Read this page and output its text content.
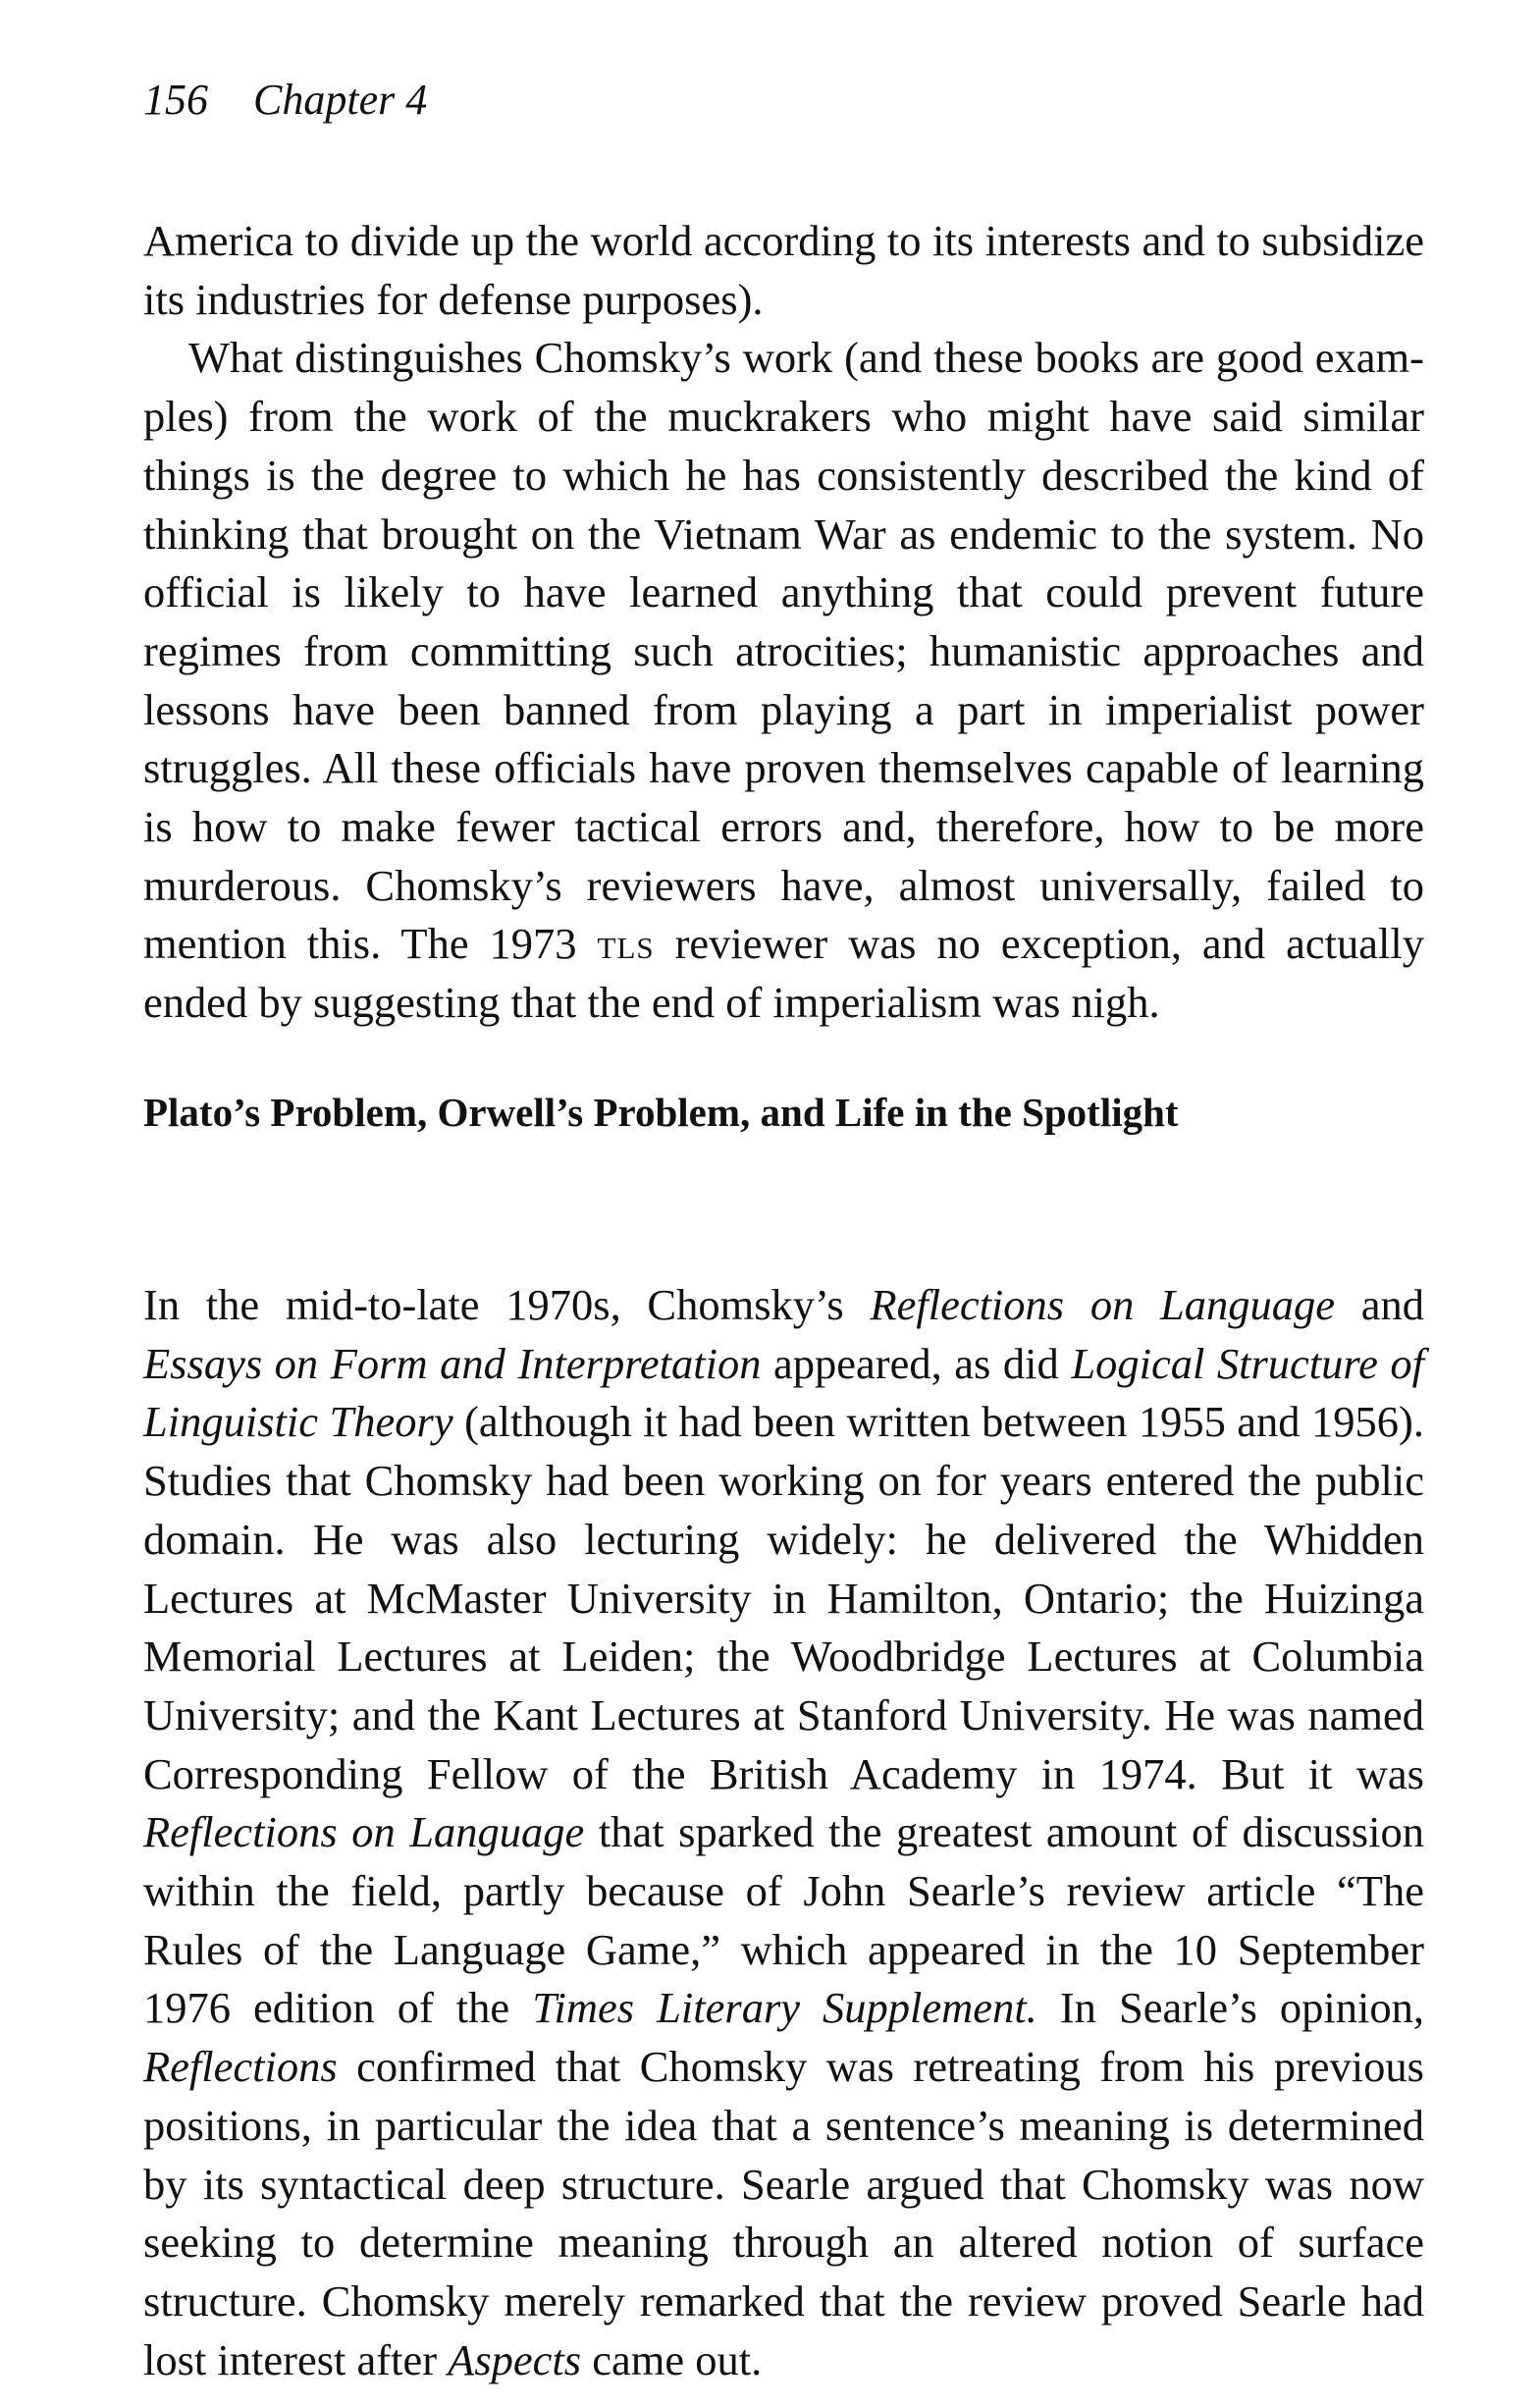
156 Chapter 4

America to divide up the world according to its interests and to subsidize its industries for defense purposes).

What distinguishes Chomsky’s work (and these books are good examples) from the work of the muckrakers who might have said similar things is the degree to which he has consistently described the kind of thinking that brought on the Vietnam War as endemic to the system. No official is likely to have learned anything that could prevent future regimes from committing such atrocities; humanistic approaches and lessons have been banned from playing a part in imperialist power struggles. All these officials have proven themselves capable of learning is how to make fewer tactical errors and, therefore, how to be more murderous. Chomsky’s reviewers have, almost universally, failed to mention this. The 1973 tls reviewer was no exception, and actually ended by suggesting that the end of imperialism was nigh.

Plato’s Problem, Orwell’s Problem, and Life in the Spotlight

In the mid-to-late 1970s, Chomsky’s Reflections on Language and Essays on Form and Interpretation appeared, as did Logical Structure of Linguistic Theory (although it had been written between 1955 and 1956). Studies that Chomsky had been working on for years entered the public domain. He was also lecturing widely: he delivered the Whidden Lectures at McMaster University in Hamilton, Ontario; the Huizinga Memorial Lectures at Leiden; the Woodbridge Lectures at Columbia University; and the Kant Lectures at Stanford University. He was named Corresponding Fellow of the British Academy in 1974. But it was Reflections on Language that sparked the greatest amount of discussion within the field, partly because of John Searle’s review article “The Rules of the Language Game,” which appeared in the 10 September 1976 edition of the Times Literary Supplement. In Searle’s opinion, Reflections confirmed that Chomsky was retreating from his previous positions, in particular the idea that a sentence’s meaning is determined by its syntactical deep structure. Searle argued that Chomsky was now seeking to determine meaning through an altered notion of surface structure. Chomsky merely remarked that the review proved Searle had lost interest after Aspects came out.
